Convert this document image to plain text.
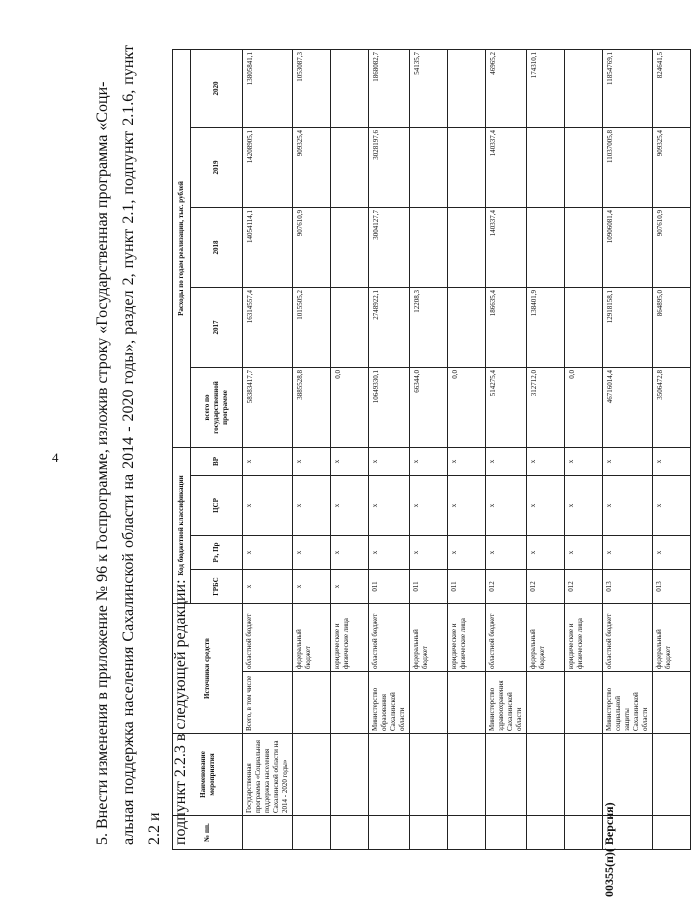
4 5. Внести изменения в приложение № 96 к Госпрограмме, изложив строку «Государственная программа «Соци- альная поддержка населения Сахалинской области на 2014 - 2020 годы», раздел 2, пункт 2.1, подпункт 2.1.6, пункт 2.2 и подпункт 2.2.3 в следующей редакции:	№ пп.	Наименование мероприятия	Источники средств		Код бюджетной классификации				Расходы по годам реализации, тыс. рублей				
				ГРБС	Рз, Пр	ЦСР	ВР	всего по государственной программе	2017	2018	2019	2020
	Государственная программа «Социальная поддержка населения Сахалинской области на 2014 - 2020 годы»	Всего, в том числе	областной бюджет	x	x	x	x	58383417,7	16314557,4	14054114,1	14208905,1	13805841,1
			федеральный бюджет	x	x	x	x	3885528,8	1015505,2	907610,9	909325,4	1053087,3
			юридические и физические лица	x	x	x	x	0,0				
		Министерство образования Сахалинской области	областной бюджет	011	x	x	x	10649330,1	2748922,1	3004127,7	3028197,6	1868082,7
			федеральный бюджет	011	x	x	x	66344,0	12208,3			54135,7
			юридические и физические лица	011	x	x	x	0,0				
		Министерство здравоохранения Сахалинской области	областной бюджет	012	x	x	x	514275,4	186635,4	140337,4	140337,4	46965,2
			федеральный бюджет	012	x	x	x	312712,0	138401,9			174310,1
			юридические и физические лица	012	x	x	x	0,0				
		Министерство социальной защиты Сахалинской области	областной бюджет	013	x	x	x	46716014,4	12918158,1	10906081,4	11037005,8	11854769,1
			федеральный бюджет	013	x	x	x	3506472,8	864895,0	907610,9	909325,4	824641,5
00355(п)( Версия)
